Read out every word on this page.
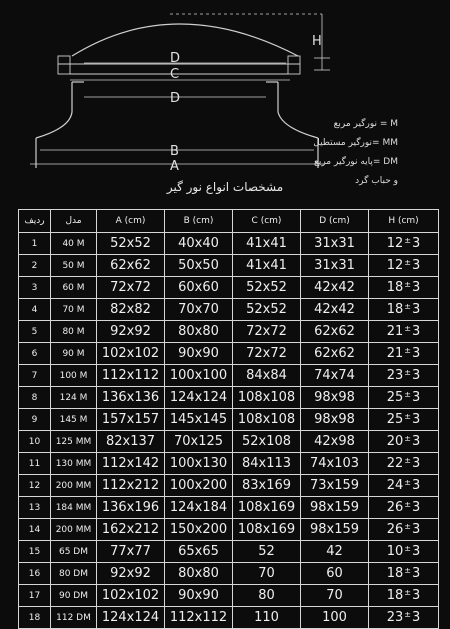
H
D
C
D
B
A
M = نورگیر مربع
MM =نورگیر مستطیل
DM =پایه نورگیر مربع
و حباب گرد
مشخصات انواع نور گیر
ردیف	مدل	A (cm)	B (cm)	C (cm)	D (cm)	H (cm)
1	40 M	52x52	40x40	41x41	31x31	12±3
2	50 M	62x62	50x50	41x41	31x31	12±3
3	60 M	72x72	60x60	52x52	42x42	18±3
4	70 M	82x82	70x70	52x52	42x42	18±3
5	80 M	92x92	80x80	72x72	62x62	21±3
6	90 M	102x102	90x90	72x72	62x62	21±3
7	100 M	112x112	100x100	84x84	74x74	23±3
8	124 M	136x136	124x124	108x108	98x98	25±3
9	145 M	157x157	145x145	108x108	98x98	25±3
10	125 MM	82x137	70x125	52x108	42x98	20±3
11	130 MM	112x142	100x130	84x113	74x103	22±3
12	200 MM	112x212	100x200	83x169	73x159	24±3
13	184 MM	136x196	124x184	108x169	98x159	26±3
14	200 MM	162x212	150x200	108x169	98x159	26±3
15	65 DM	77x77	65x65	52	42	10±3
16	80 DM	92x92	80x80	70	60	18±3
17	90 DM	102x102	90x90	80	70	18±3
18	112 DM	124x124	112x112	110	100	23±3
